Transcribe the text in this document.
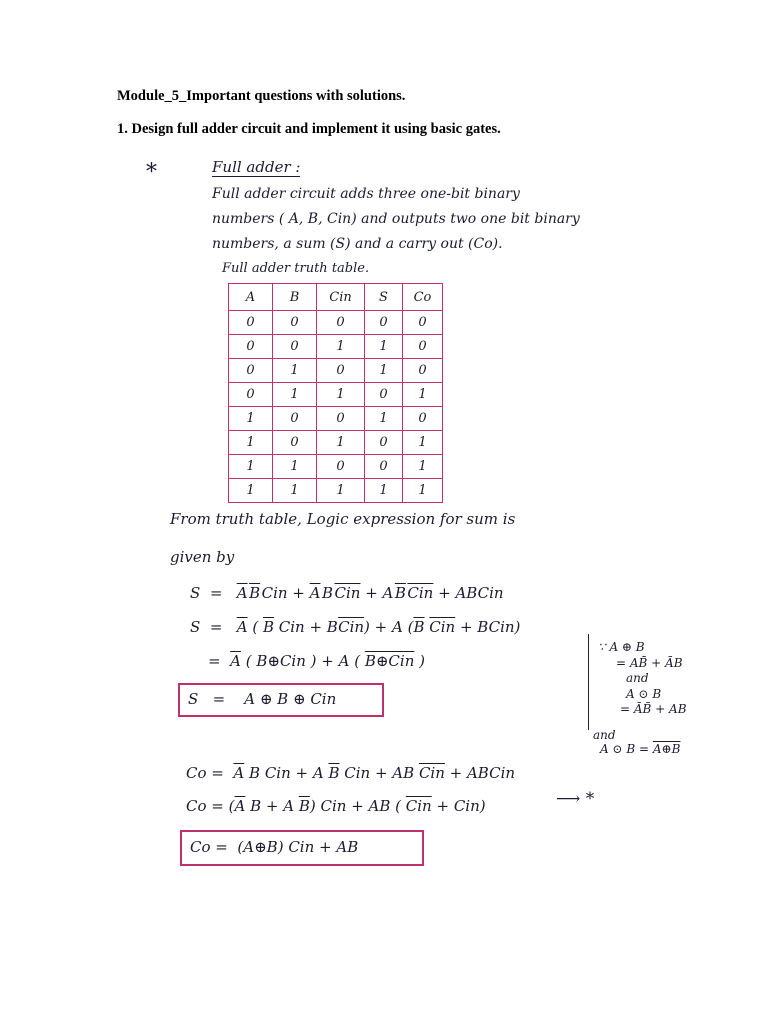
Module_5_Important questions with solutions.
1. Design full adder circuit and implement it using basic gates.
*	Full adder :
Full adder circuit adds three one-bit binary
numbers ( A, B, Cin) and outputs two one bit binary
numbers, a sum (S) and a carry out (Co).
Full adder truth table.
A	B	Cin	S	Co
0	0	0	0	0
0	0	1	1	0
0	1	0	1	0
0	1	1	0	1
1	0	0	1	0
1	0	1	0	1
1	1	0	0	1
1	1	1	1	1
From truth table, Logic expression for sum is
given by
$S = \overline{A}$  $\overline{B}$ Cin + $\overline{A}$ B $\overline{Cin} + A$ $\overline{B}$  $\overline{Cin}$ + ABCin
$S = \overline{A}$ ( $\overline{B}$ Cin + $B\overline{Cin}) + A$ ($\overline{B}$ $\overline{Cin}$ + BCin)
= $\overline{A}$ ( B⊕Cin ) + A ( B⊕Cin )
S = A ⊕ B ⊕ Cin
∵ A ⊕ B
= AB̄ + ĀB
and
A ⊙ B
= ĀB̄ + AB
and
A ⊙ B = A⊕B
$Co = \overline{A}$ B Cin + A $\overline{B}$ Cin + AB $\overline{Cin}$ + ABCin
$Co = (\overline{A}$ B + A $\overline{B}$) Cin + AB ( $\overline{Cin} + Cin$)	⟶ *
Co = (A⊕B) Cin + AB
